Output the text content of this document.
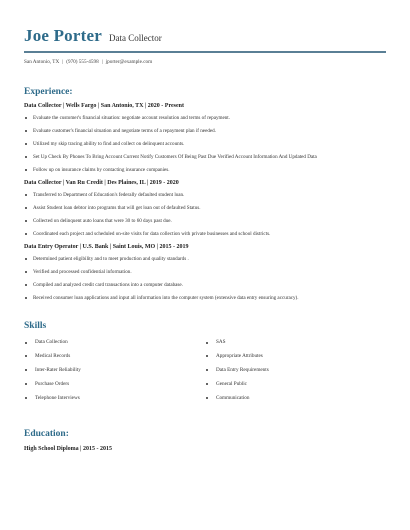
Joe Porter Data Collector
San Antonio, TX | (970) 555-4598 | jporter@example.com
Experience:
Data Collector | Wells Fargo | San Antonio, TX | 2020 - Present
Evaluate the customer's financial situation: negotiate account resolution and terms of repayment.
Evaluate customer's financial situation and negotiate terms of a repayment plan if needed.
Utilized my skip tracing ability to find and collect on delinquent accounts.
Set Up Check By Phones To Bring Account Current Notify Customers Of Being Past Due Verified Account Information And Updated Data
Follow up on insurance claims by contacting insurance companies.
Data Collector | Van Ru Credit | Des Plaines, IL | 2019 - 2020
Transferred to Department of Education's federally defaulted student loan.
Assist Student loan debtor into programs that will get loan out of defaulted Status.
Collected on delinquent auto loans that were 30 to 60 days past due.
Coordinated each project and scheduled on-site visits for data collection with private businesses and school districts.
Data Entry Operator | U.S. Bank | Saint Louis, MO | 2015 - 2019
Determined patient eligibility and to meet production and quality standards .
Verified and processed confidential information.
Compiled and analyzed credit card transactions into a computer database.
Received consumer loan applications and input all information into the computer system (extensive data entry ensuring accuracy).
Skills
Data Collection
Medical Records
Inter-Rater Reliability
Purchase Orders
Telephone Interviews
SAS
Appropriate Attributes
Data Entry Requirements
General Public
Communication
Education:
High School Diploma | 2015 - 2015
